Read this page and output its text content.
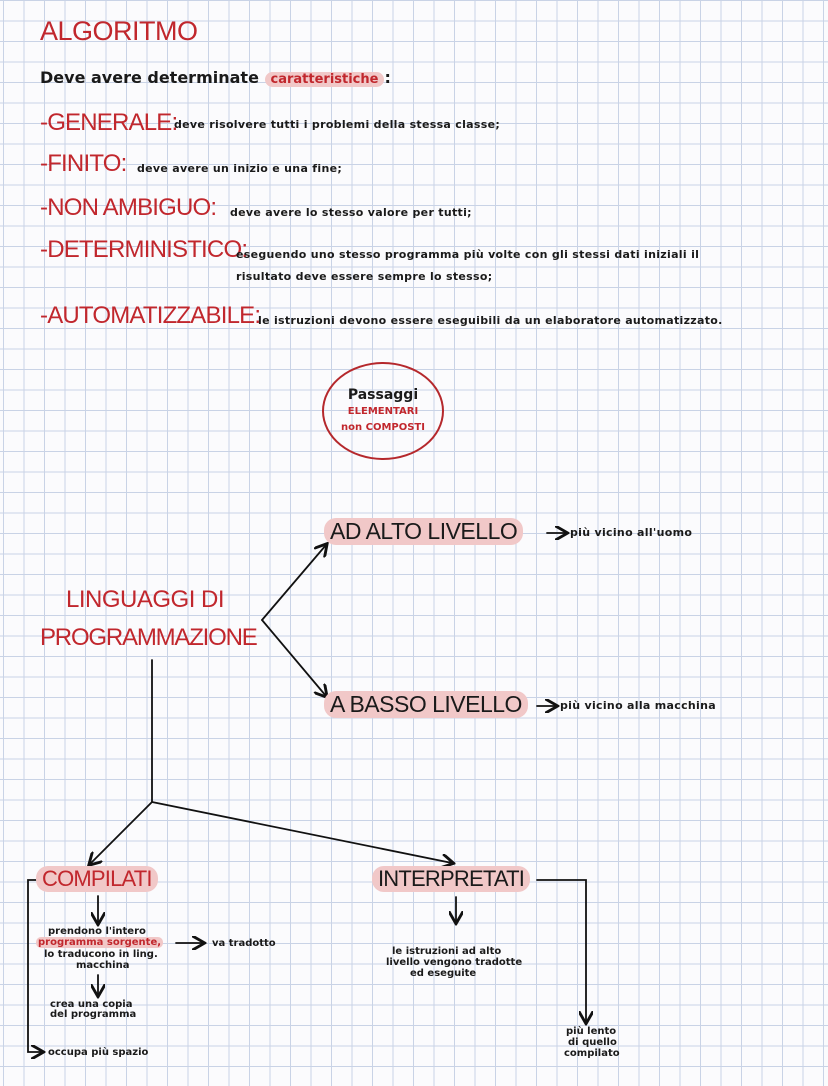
ALGORITMO
Deve avere determinate caratteristiche :
-GENERALE:
deve risolvere tutti i problemi della stessa classe;
-FINITO: deve avere un inizio e una fine;
-NON AMBIGUO: deve avere lo stesso valore per tutti;
-DETERMINISTICO:
eseguendo uno stesso programma più volte con gli stessi dati iniziali il
risultato deve essere sempre lo stesso;
-AUTOMATIZZABILE:
le istruzioni devono essere eseguibili da un elaboratore automatizzato.
Passaggi
ELEMENTARI
non COMPOSTI
LINGUAGGI DI
PROGRAMMAZIONE
AD ALTO LIVELLO	più vicino all'uomo
A BASSO LIVELLO	più vicino alla macchina
COMPILATI
prendono l'intero
programma sorgente,
lo traducono in ling.
macchina
va tradotto
crea una copia
del programma
occupa più spazio
INTERPRETATI
le istruzioni ad alto
livello vengono tradotte
ed eseguite
più lento
di quello
compilato
